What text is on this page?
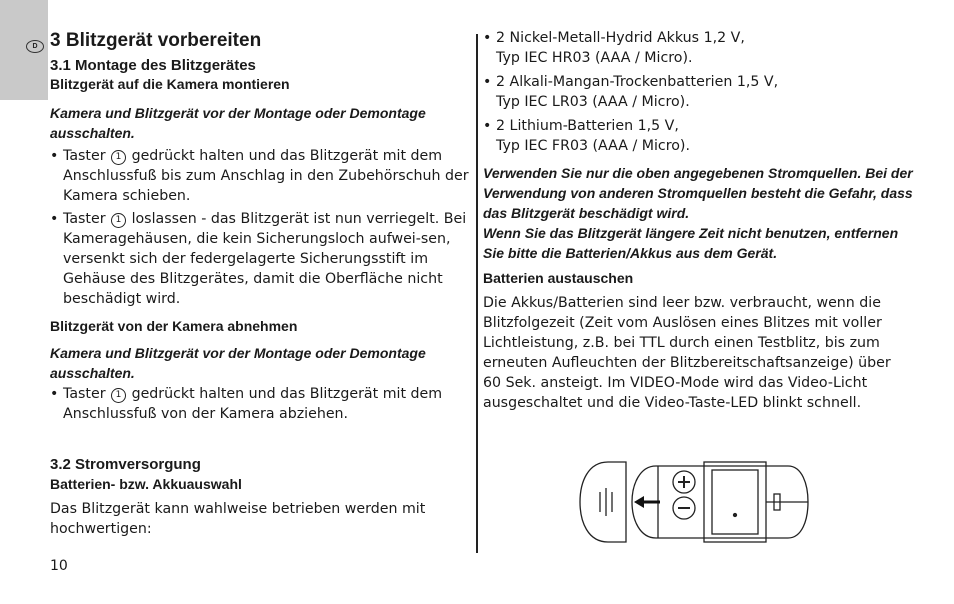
D 3 Blitzgerät vorbereiten
3.1 Montage des Blitzgerätes
Blitzgerät auf die Kamera montieren
Kamera und Blitzgerät vor der Montage oder Demontage ausschalten.
• Taster 1 gedrückt halten und das Blitzgerät mit dem Anschlussfuß bis zum Anschlag in den Zubehörschuh der Kamera schieben.
• Taster 1 loslassen - das Blitzgerät ist nun verriegelt. Bei Kameragehäusen, die kein Sicherungsloch aufwei-sen, versenkt sich der federgelagerte Sicherungsstift im Gehäuse des Blitzgerätes, damit die Oberfläche nicht beschädigt wird.
Blitzgerät von der Kamera abnehmen
Kamera und Blitzgerät vor der Montage oder Demontage ausschalten.
• Taster 1 gedrückt halten und das Blitzgerät mit dem Anschlussfuß von der Kamera abziehen.
3.2 Stromversorgung
Batterien- bzw. Akkuauswahl

Das Blitzgerät kann wahlweise betrieben werden mit hochwertigen:

• 2 Nickel-Metall-Hydrid Akkus 1,2 V,
Typ IEC HR03 (AAA / Micro).
• 2 Alkali-Mangan-Trockenbatterien 1,5 V,
Typ IEC LR03 (AAA / Micro).
• 2 Lithium-Batterien 1,5 V,
Typ IEC FR03 (AAA / Micro).
Verwenden Sie nur die oben angegebenen Stromquellen. Bei der Verwendung von anderen Stromquellen besteht die Gefahr, dass das Blitzgerät beschädigt wird.
Wenn Sie das Blitzgerät längere Zeit nicht benutzen, entfernen Sie bitte die Batterien/Akkus aus dem Gerät.
Batterien austauschen

Die Akkus/Batterien sind leer bzw. verbraucht, wenn die Blitzfolgezeit (Zeit vom Auslösen eines Blitzes mit voller Lichtleistung, z.B. bei TTL durch einen Testblitz, bis zum erneuten Aufleuchten der Blitzbereitschaftsanzeige) über 60 Sek. ansteigt. Im VIDEO-Mode wird das Video-Licht ausgeschaltet und die Video-Taste-LED blinkt schnell.

10
